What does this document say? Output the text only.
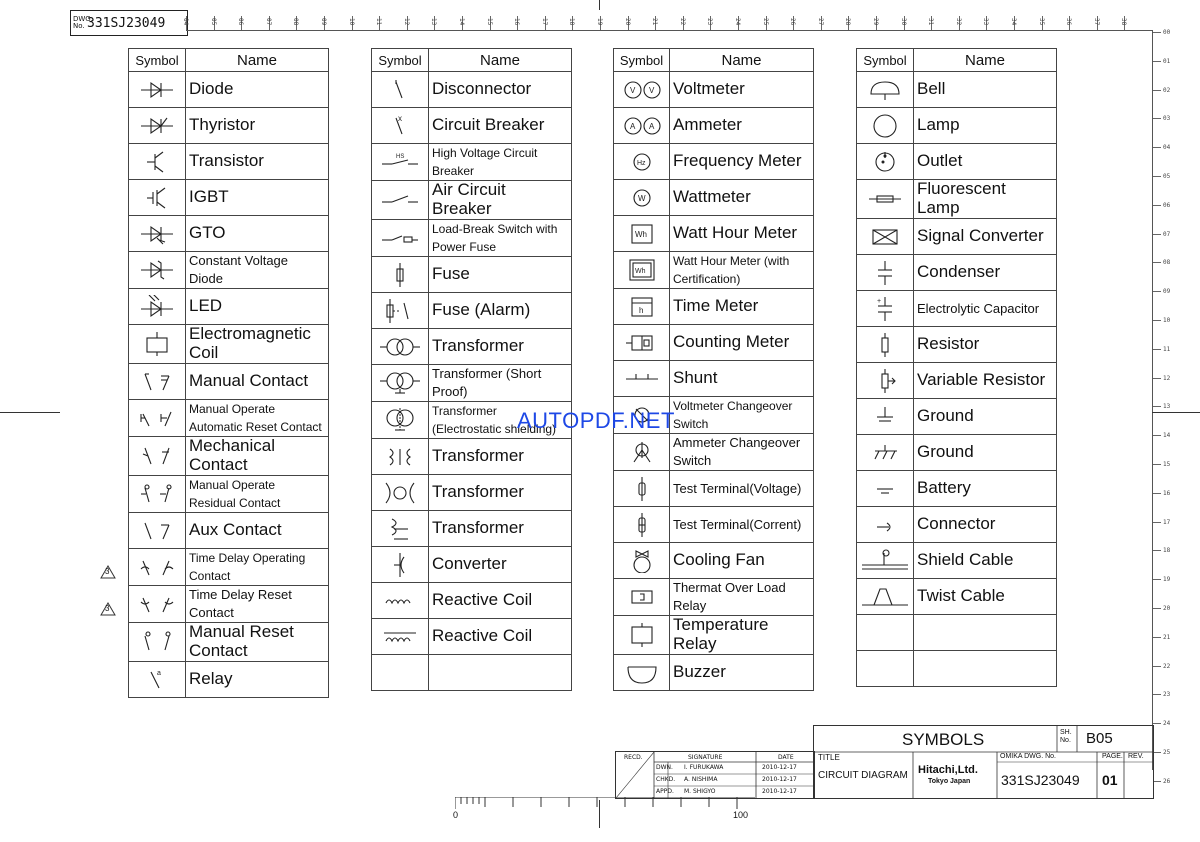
DWG. No. 331SJ23049	04	05	06	07	08	09	10	11	12	13	14	15	16	17	18	19	20	21	22	23	24	25	26	27	28	29	30	31	32	33	34	35	36	37	38
00
01
02
03
04
05
06
07
08
09
10
11
12
13
14
15
16
17
18
19
20
21
22
23
24
25
26
Symbol	Name
	Diode
	Thyristor
	Transistor
	IGBT
	GTO
	Constant Voltage Diode
	LED
	Electromagnetic Coil
	Manual Contact
	Manual Operate Automatic Reset Contact
	Mechanical Contact
	Manual Operate Residual Contact
	Aux Contact
	Time Delay Operating Contact
	Time Delay Reset Contact
	Manual Reset Contact

a	Relay
Symbol	Name
	Disconnector

x	Circuit Breaker

HS	High Voltage Circuit Breaker
	Air Circuit Breaker
	Load-Break Switch with Power Fuse
	Fuse
	Fuse (Alarm)
	Transformer
	Transformer (Short Proof)
	Transformer (Electrostatic shielding)
	Transformer
	Transformer
	Transformer
	Converter
	Reactive Coil
	Reactive Coil

Symbol	Name

V V	Voltmeter

A A	Ammeter

Hz	Frequency Meter

W	Wattmeter

Wh	Watt Hour Meter

Wh	Watt Hour Meter (with Certification)

h	Time Meter
	Counting Meter
	Shunt
	Voltmeter Changeover Switch
	Ammeter Changeover Switch
	Test Terminal(Voltage)
	Test Terminal(Corrent)
	Cooling Fan
	Thermat Over Load Relay
	Temperature Relay
	Buzzer
Symbol	Name
	Bell
	Lamp
	Outlet
	Fluorescent Lamp
	Signal Converter
	Condenser

+	Electrolytic Capacitor
	Resistor
	Variable Resistor
	Ground
	Ground
	Battery
	Connector
	Shield Cable
	Twist Cable

3
3
AUTOPDF.NET
RECD.	SIGNATURE	DATE
DWN. I. FURUKAWA	2010-12-17
CHKD. A. NISHIMA	2010-12-17
APPD. M. SHIGYO	2010-12-17
SYMBOLS	SH. No.	B05
TITLE
CIRCUIT DIAGRAM Hitachi,Ltd.
Tokyo Japan
OMIKA DWG. No.
331SJ23049
PAGE.
01
REV.
0	100
